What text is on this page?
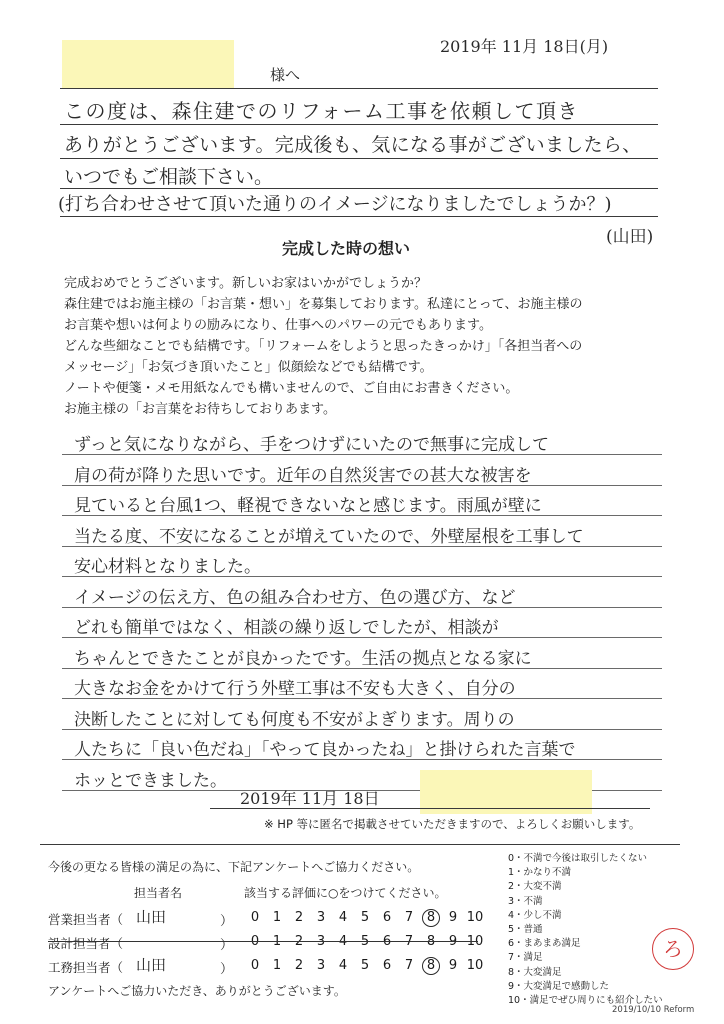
様へ
2019年 11月 18日(月)
この度は、森住建でのリフォーム工事を依頼して頂き
ありがとうございます。完成後も、気になる事がございましたら、
いつでもご相談下さい。
(打ち合わせさせて頂いた通りのイメージになりましたでしょうか？)
(山田)
完成した時の想い
完成おめでとうございます。新しいお家はいかがでしょうか？
森住建ではお施主様の「お言葉・想い」を募集しております。私達にとって、お施主様の
お言葉や想いは何よりの励みになり、仕事へのパワーの元でもあります。
どんな些細なことでも結構です。「リフォームをしようと思ったきっかけ」「各担当者への
メッセージ」「お気づき頂いたこと」似顔絵などでも結構です。
ノートや便箋・メモ用紙なんでも構いませんので、ご自由にお書きください。
お施主様の「お言葉をお待ちしておりあます。
ずっと気になりながら、手をつけずにいたので無事に完成して
肩の荷が降りた思いです。近年の自然災害での甚大な被害を
見ていると台風1つ、軽視できないなと感じます。雨風が壁に
当たる度、不安になることが増えていたので、外壁屋根を工事して
安心材料となりました。
イメージの伝え方、色の組み合わせ方、色の選び方、など
どれも簡単ではなく、相談の繰り返しでしたが、相談が
ちゃんとできたことが良かったです。生活の拠点となる家に
大きなお金をかけて行う外壁工事は不安も大きく、自分の
決断したことに対しても何度も不安がよぎります。周りの
人たちに「良い色だね」「やって良かったね」と掛けられた言葉で
ホッとできました。
2019年 11月 18日
※ HP 等に匿名で掲載させていただきますので、よろしくお願いします。
今後の更なる皆様の満足の為に、下記アンケートへご協力ください。
担当者名	該当する評価に○をつけてください。
営業担当者（ 山田	）	0	1	2	3	4	5	6	7	8	9 10
設計担当者（	）	0	1	2	3	4	5	6	7	8	9 10
工務担当者（ 山田	）	0	1	2	3	4	5	6	7	8	9 10
アンケートへご協力いただき、ありがとうございます。
0・不満で今後は取引したくない
1・かなり不満
2・大変不満
3・不満
4・少し不満
5・普通
6・まあまあ満足
7・満足
8・大変満足
9・大変満足で感動した
10・満足でぜひ周りにも紹介したい
ろ
2019/10/10 Reform
